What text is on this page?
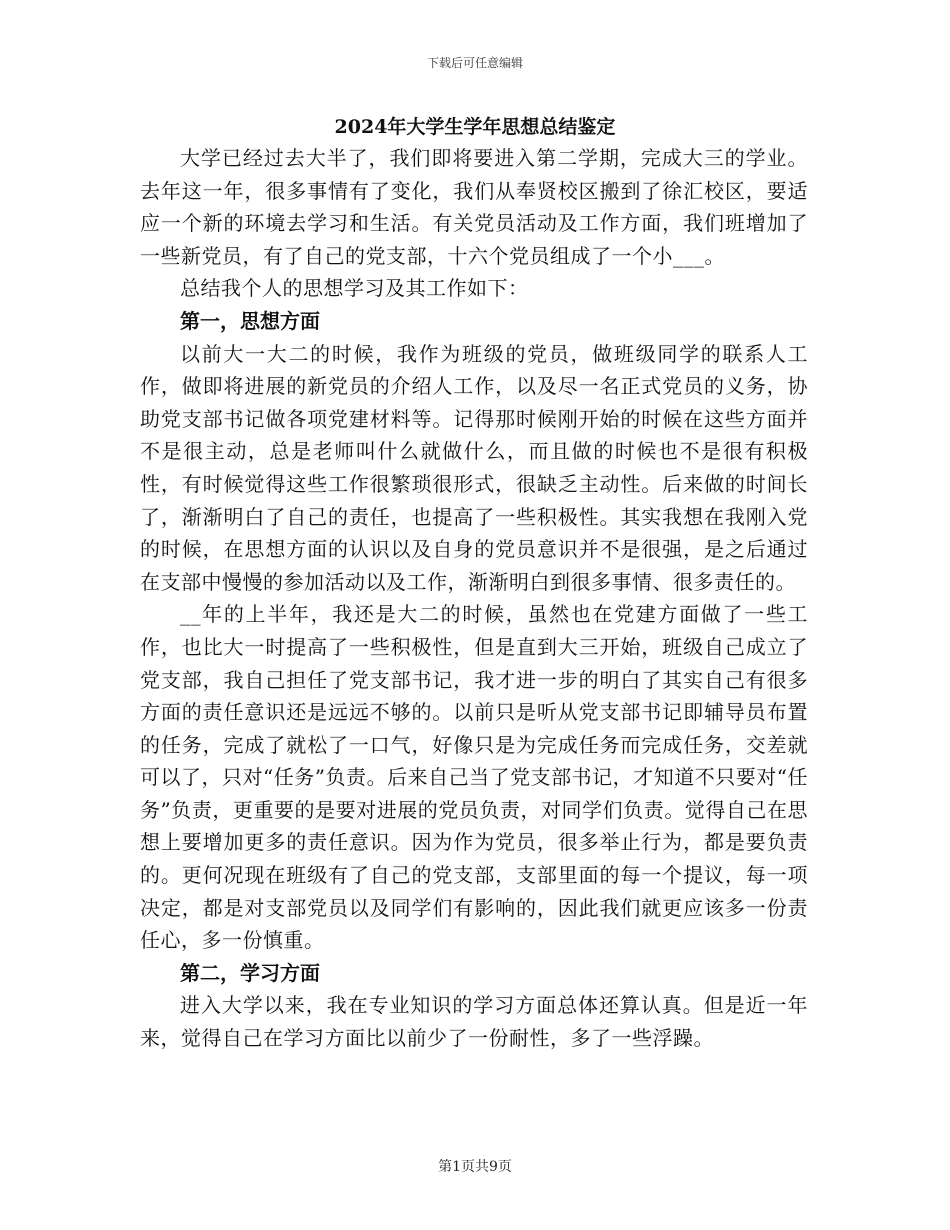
下载后可任意编辑
2024年大学生学年思想总结鉴定

大学已经过去大半了，我们即将要进入第二学期，完成大三的学业。去年这一年，很多事情有了变化，我们从奉贤校区搬到了徐汇校区，要适应一个新的环境去学习和生活。有关党员活动及工作方面，我们班增加了一些新党员，有了自己的党支部，十六个党员组成了一个小___。

总结我个人的思想学习及其工作如下：

第一，思想方面

以前大一大二的时候，我作为班级的党员，做班级同学的联系人工作，做即将进展的新党员的介绍人工作，以及尽一名正式党员的义务，协助党支部书记做各项党建材料等。记得那时候刚开始的时候在这些方面并不是很主动，总是老师叫什么就做什么，而且做的时候也不是很有积极性，有时候觉得这些工作很繁琐很形式，很缺乏主动性。后来做的时间长了，渐渐明白了自己的责任，也提高了一些积极性。其实我想在我刚入党的时候，在思想方面的认识以及自身的党员意识并不是很强，是之后通过在支部中慢慢的参加活动以及工作，渐渐明白到很多事情、很多责任的。

__年的上半年，我还是大二的时候，虽然也在党建方面做了一些工作，也比大一时提高了一些积极性，但是直到大三开始，班级自己成立了党支部，我自己担任了党支部书记，我才进一步的明白了其实自己有很多方面的责任意识还是远远不够的。以前只是听从党支部书记即辅导员布置的任务，完成了就松了一口气，好像只是为完成任务而完成任务，交差就可以了，只对“任务”负责。后来自己当了党支部书记，才知道不只要对“任务”负责，更重要的是要对进展的党员负责，对同学们负责。觉得自己在思想上要增加更多的责任意识。因为作为党员，很多举止行为，都是要负责的。更何况现在班级有了自己的党支部，支部里面的每一个提议，每一项决定，都是对支部党员以及同学们有影响的，因此我们就更应该多一份责任心，多一份慎重。

第二，学习方面

进入大学以来，我在专业知识的学习方面总体还算认真。但是近一年来，觉得自己在学习方面比以前少了一份耐性，多了一些浮躁。

第1页共9页
